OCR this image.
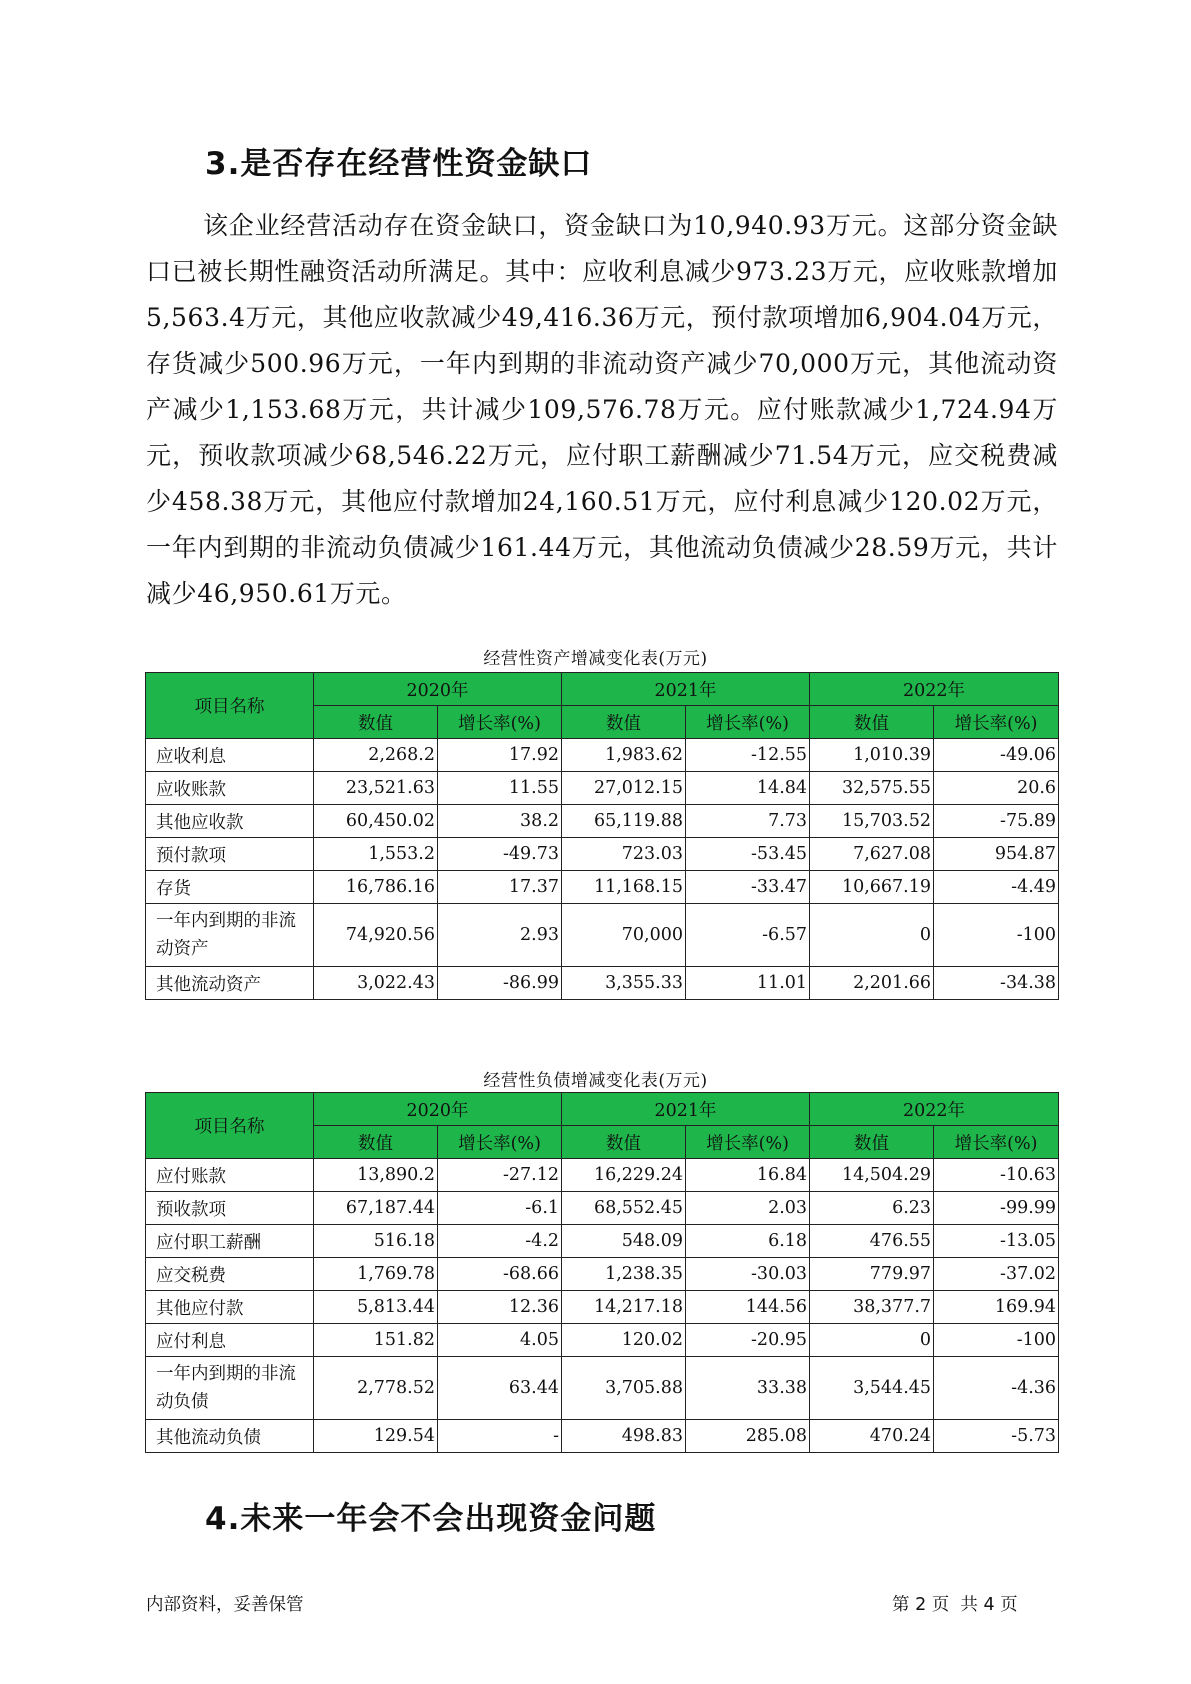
3.是否存在经营性资金缺口

该企业经营活动存在资金缺口，资金缺口为10,940.93万元。这部分资金缺口已被长期性融资活动所满足。其中：应收利息减少973.23万元，应收账款增加5,563.4万元，其他应收款减少49,416.36万元，预付款项增加6,904.04万元，存货减少500.96万元，一年内到期的非流动资产减少70,000万元，其他流动资产减少1,153.68万元，共计减少109,576.78万元。应付账款减少1,724.94万元，预收款项减少68,546.22万元，应付职工薪酬减少71.54万元，应交税费减少458.38万元，其他应付款增加24,160.51万元，应付利息减少120.02万元，一年内到期的非流动负债减少161.44万元，其他流动负债减少28.59万元，共计减少46,950.61万元。

经营性资产增减变化表(万元)
项目名称	2020年		2021年		2022年	
	数值	增长率(%)	数值	增长率(%)	数值	增长率(%)
应收利息	2,268.2	17.92	1,983.62	-12.55	1,010.39	-49.06
应收账款	23,521.63	11.55	27,012.15	14.84	32,575.55	20.6
其他应收款	60,450.02	38.2	65,119.88	7.73	15,703.52	-75.89
预付款项	1,553.2	-49.73	723.03	-53.45	7,627.08	954.87
存货	16,786.16	17.37	11,168.15	-33.47	10,667.19	-4.49
一年内到期的非流动资产	74,920.56	2.93	70,000	-6.57	0	-100
其他流动资产	3,022.43	-86.99	3,355.33	11.01	2,201.66	-34.38
经营性负债增减变化表(万元)
项目名称	2020年		2021年		2022年	
	数值	增长率(%)	数值	增长率(%)	数值	增长率(%)
应付账款	13,890.2	-27.12	16,229.24	16.84	14,504.29	-10.63
预收款项	67,187.44	-6.1	68,552.45	2.03	6.23	-99.99
应付职工薪酬	516.18	-4.2	548.09	6.18	476.55	-13.05
应交税费	1,769.78	-68.66	1,238.35	-30.03	779.97	-37.02
其他应付款	5,813.44	12.36	14,217.18	144.56	38,377.7	169.94
应付利息	151.82	4.05	120.02	-20.95	0	-100
一年内到期的非流动负债	2,778.52	63.44	3,705.88	33.38	3,544.45	-4.36
其他流动负债	129.54	-	498.83	285.08	470.24	-5.73
4.未来一年会不会出现资金问题
内部资料，妥善保管	第 2 页  共 4 页
